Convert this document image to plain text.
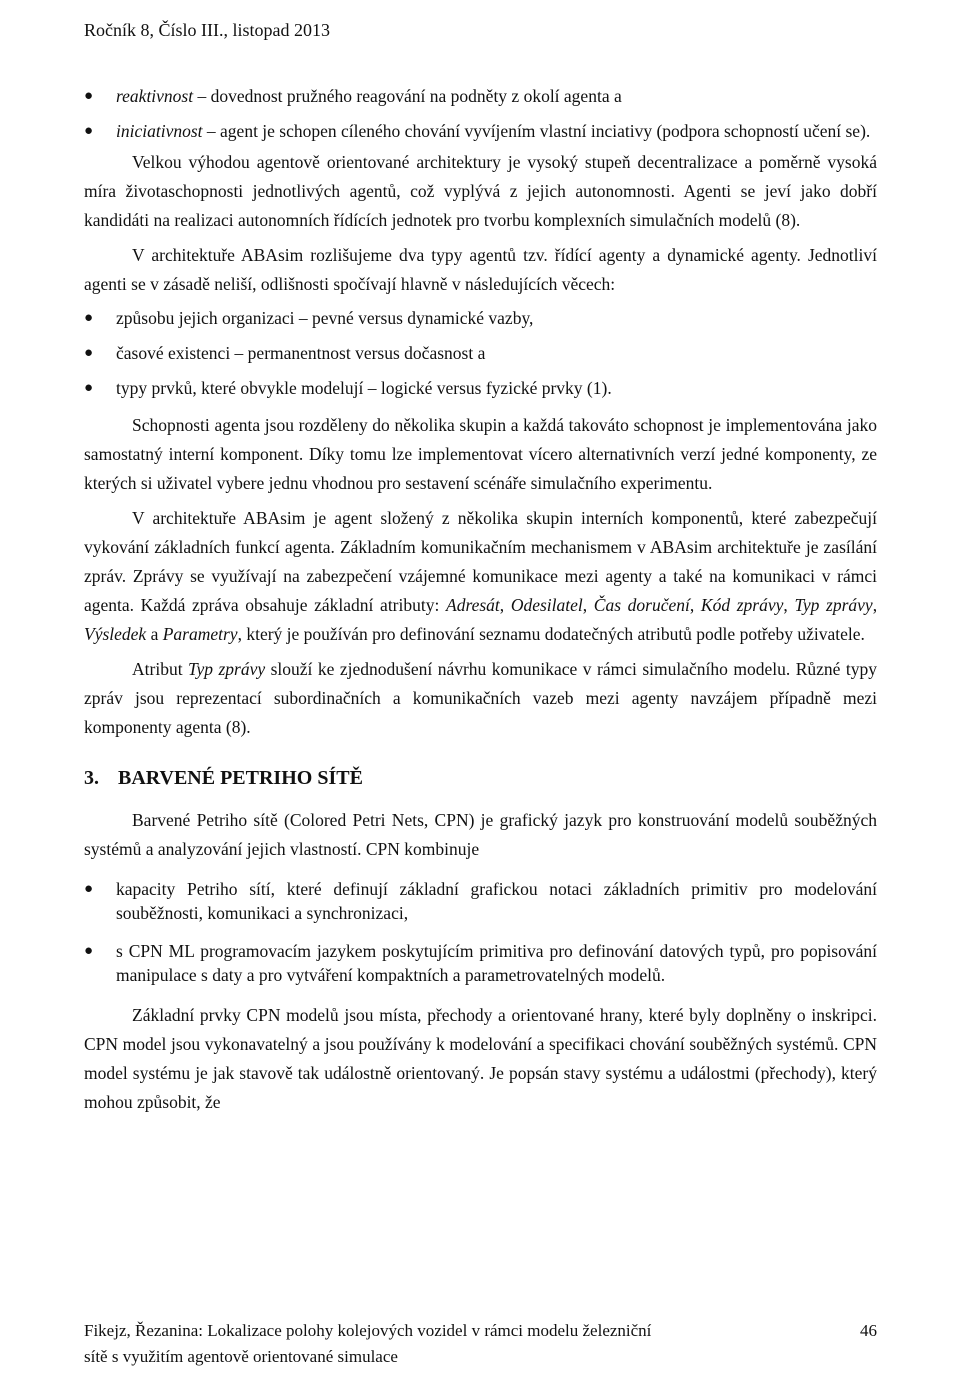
Ročník 8, Číslo III., listopad 2013
● reaktivnost – dovednost pružného reagování na podněty z okolí agenta a
● iniciativnost – agent je schopen cíleného chování vyvíjením vlastní inciativy (podpora schopností učení se).

Velkou výhodou agentově orientované architektury je vysoký stupeň decentralizace a poměrně vysoká míra životaschopnosti jednotlivých agentů, což vyplývá z jejich autonomnosti. Agenti se jeví jako dobří kandidáti na realizaci autonomních řídících jednotek pro tvorbu komplexních simulačních modelů (8).

V architektuře ABAsim rozlišujeme dva typy agentů tzv. řídící agenty a dynamické agenty. Jednotliví agenti se v zásadě neliší, odlišnosti spočívají hlavně v následujících věcech:

● způsobu jejich organizaci – pevné versus dynamické vazby,
● časové existenci – permanentnost versus dočasnost a
● typy prvků, které obvykle modelují – logické versus fyzické prvky (1).

Schopnosti agenta jsou rozděleny do několika skupin a každá takováto schopnost je implementována jako samostatný interní komponent. Díky tomu lze implementovat vícero alternativních verzí jedné komponenty, ze kterých si uživatel vybere jednu vhodnou pro sestavení scénáře simulačního experimentu.

V architektuře ABAsim je agent složený z několika skupin interních komponentů, které zabezpečují vykování základních funkcí agenta. Základním komunikačním mechanismem v ABAsim architektuře je zasílání zpráv. Zprávy se využívají na zabezpečení vzájemné komunikace mezi agenty a také na komunikaci v rámci agenta. Každá zpráva obsahuje základní atributy: Adresát, Odesilatel, Čas doručení, Kód zprávy, Typ zprávy, Výsledek a Parametry, který je používán pro definování seznamu dodatečných atributů podle potřeby uživatele.

Atribut Typ zprávy slouží ke zjednodušení návrhu komunikace v rámci simulačního modelu. Různé typy zpráv jsou reprezentací subordinačních a komunikačních vazeb mezi agenty navzájem případně mezi komponenty agenta (8).

3. BARVENÉ PETRIHO SÍTĚ

Barvené Petriho sítě (Colored Petri Nets, CPN) je grafický jazyk pro konstruování modelů souběžných systémů a analyzování jejich vlastností. CPN kombinuje

● kapacity Petriho sítí, které definují základní grafickou notaci základních primitiv pro modelování souběžnosti, komunikaci a synchronizaci,
● s CPN ML programovacím jazykem poskytujícím primitiva pro definování datových typů, pro popisování manipulace s daty a pro vytváření kompaktních a parametrovatelných modelů.

Základní prvky CPN modelů jsou místa, přechody a orientované hrany, které byly doplněny o inskripci. CPN model jsou vykonavatelný a jsou používány k modelování a specifikaci chování souběžných systémů. CPN model systému je jak stavově tak událostně orientovaný. Je popsán stavy systému a událostmi (přechody), který mohou způsobit, že

Fikejz, Řezanina: Lokalizace polohy kolejových vozidel v rámci modelu železniční
sítě s využitím agentově orientované simulace
46
